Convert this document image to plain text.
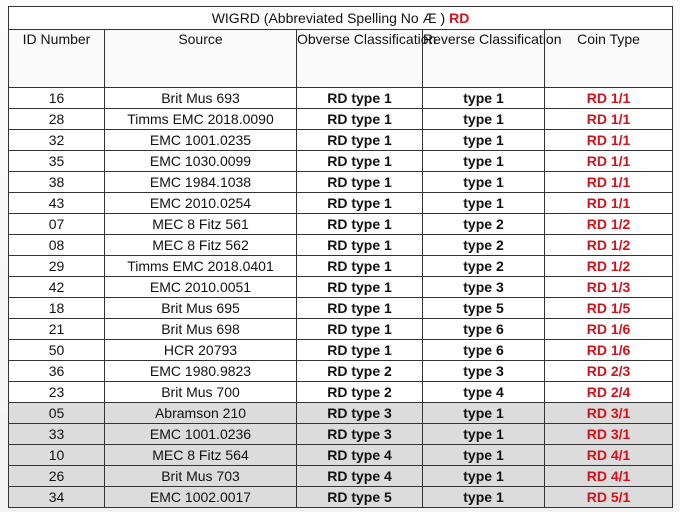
WIGRD (Abbreviated Spelling No Æ ) RD				
ID Number	Source	Obverse Classification	Reverse Classification	Coin Type
16	Brit Mus 693	RD type 1	type 1	RD 1/1
28	Timms EMC 2018.0090	RD type 1	type 1	RD 1/1
32	EMC 1001.0235	RD type 1	type 1	RD 1/1
35	EMC 1030.0099	RD type 1	type 1	RD 1/1
38	EMC 1984.1038	RD type 1	type 1	RD 1/1
43	EMC 2010.0254	RD type 1	type 1	RD 1/1
07	MEC 8 Fitz 561	RD type 1	type 2	RD 1/2
08	MEC 8 Fitz 562	RD type 1	type 2	RD 1/2
29	Timms EMC 2018.0401	RD type 1	type 2	RD 1/2
42	EMC 2010.0051	RD type 1	type 3	RD 1/3
18	Brit Mus 695	RD type 1	type 5	RD 1/5
21	Brit Mus 698	RD type 1	type 6	RD 1/6
50	HCR 20793	RD type 1	type 6	RD 1/6
36	EMC 1980.9823	RD type 2	type 3	RD 2/3
23	Brit Mus 700	RD type 2	type 4	RD 2/4
05	Abramson 210	RD type 3	type 1	RD 3/1
33	EMC 1001.0236	RD type 3	type 1	RD 3/1
10	MEC 8 Fitz 564	RD type 4	type 1	RD 4/1
26	Brit Mus 703	RD type 4	type 1	RD 4/1
34	EMC 1002.0017	RD type 5	type 1	RD 5/1
